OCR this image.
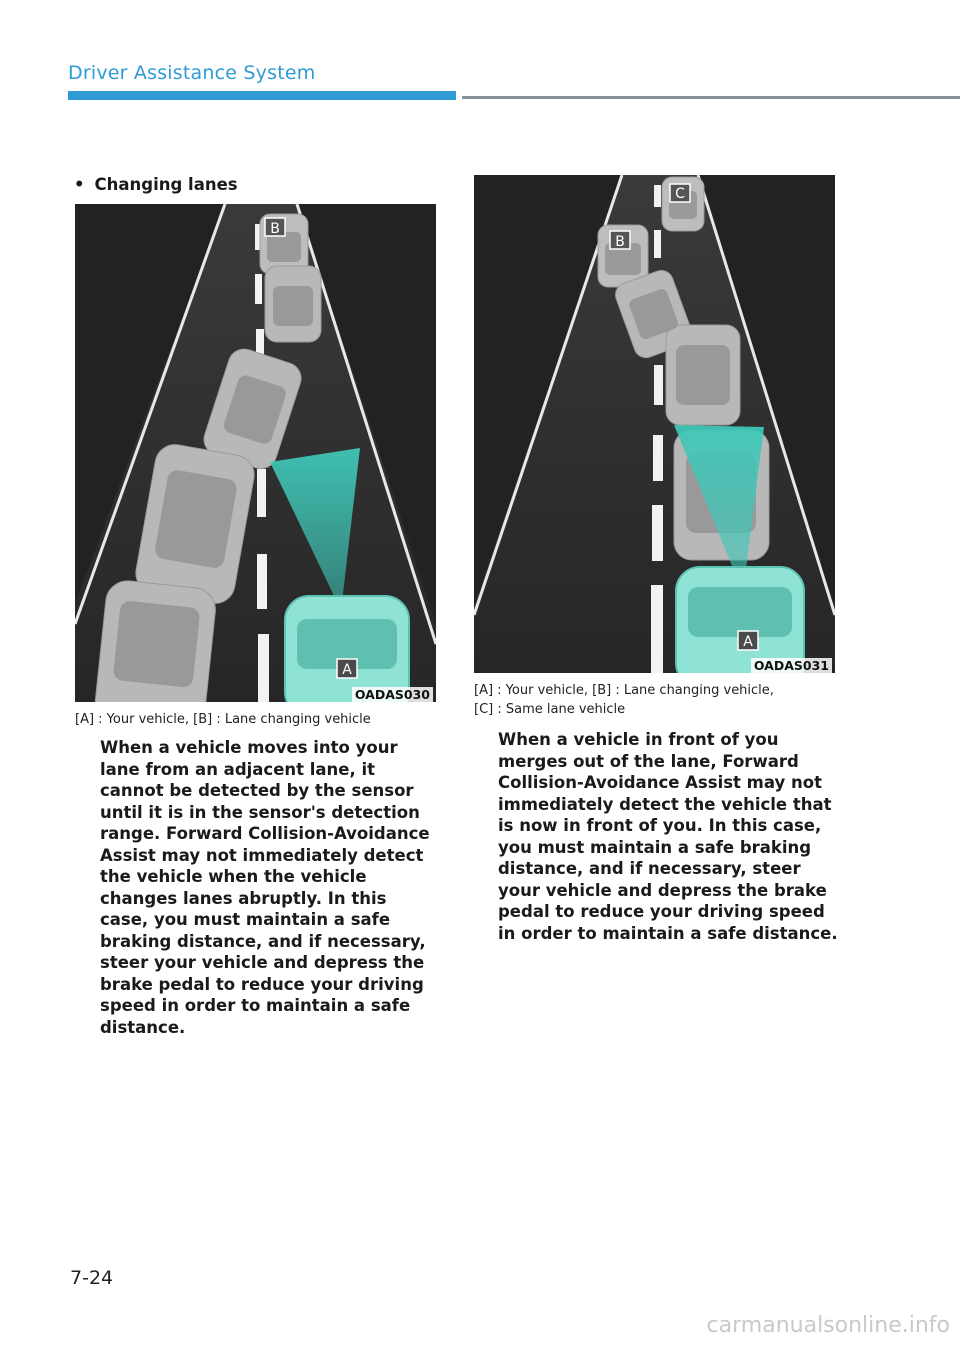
Driver Assistance System
• Changing lanes
B
A
OADAS030
[A] : Your vehicle, [B] : Lane changing vehicle
When a vehicle moves into your lane from an adjacent lane, it cannot be detected by the sensor until it is in the sensor's detection range. Forward Collision-Avoidance Assist may not immediately detect the vehicle when the vehicle changes lanes abruptly. In this case, you must maintain a safe braking distance, and if necessary, steer your vehicle and depress the brake pedal to reduce your driving speed in order to maintain a safe distance.
C
B
A
OADAS031
[A] : Your vehicle, [B] : Lane changing vehicle,
[C] : Same lane vehicle
When a vehicle in front of you merges out of the lane, Forward Collision-Avoidance Assist may not immediately detect the vehicle that is now in front of you. In this case, you must maintain a safe braking distance, and if necessary, steer your vehicle and depress the brake pedal to reduce your driving speed in order to maintain a safe distance.
7-24
carmanualsonline.info
